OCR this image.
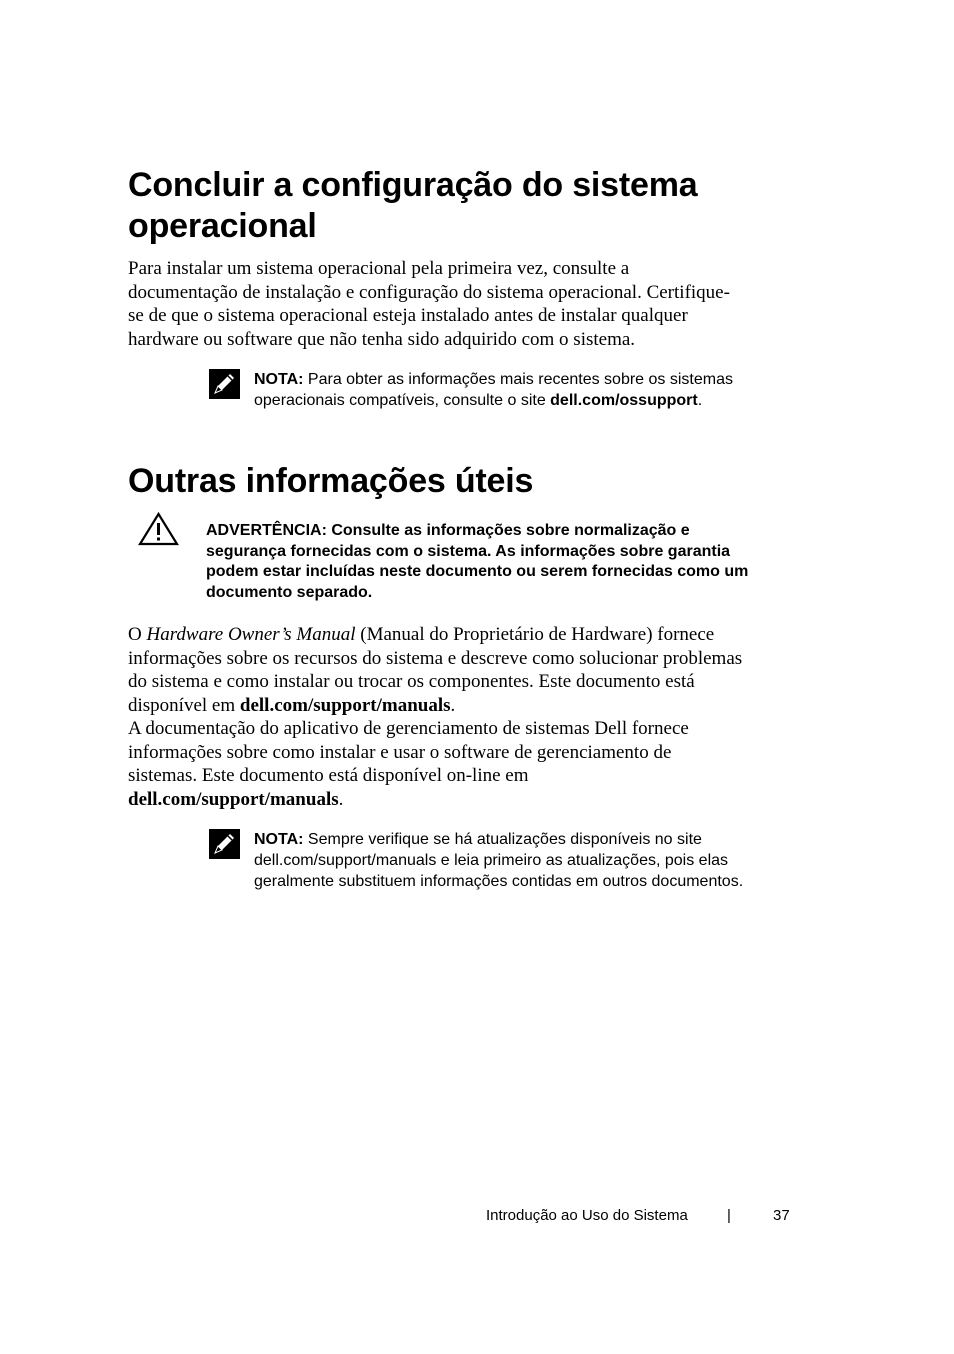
Concluir a configuração do sistema
operacional
Para instalar um sistema operacional pela primeira vez, consulte a
documentação de instalação e configuração do sistema operacional. Certifique-
se de que o sistema operacional esteja instalado antes de instalar qualquer
hardware ou software que não tenha sido adquirido com o sistema.
NOTA: Para obter as informações mais recentes sobre os sistemas
operacionais compatíveis, consulte o site dell.com/ossupport.
Outras informações úteis
ADVERTÊNCIA: Consulte as informações sobre normalização e
segurança fornecidas com o sistema. As informações sobre garantia
podem estar incluídas neste documento ou serem fornecidas como um
documento separado.
O Hardware Owner’s Manual (Manual do Proprietário de Hardware) fornece
informações sobre os recursos do sistema e descreve como solucionar problemas
do sistema e como instalar ou trocar os componentes. Este documento está
disponível em dell.com/support/manuals.
A documentação do aplicativo de gerenciamento de sistemas Dell fornece
informações sobre como instalar e usar o software de gerenciamento de
sistemas. Este documento está disponível on-line em
dell.com/support/manuals.
NOTA: Sempre verifique se há atualizações disponíveis no site
dell.com/support/manuals e leia primeiro as atualizações, pois elas
geralmente substituem informações contidas em outros documentos.
Introdução ao Uso do Sistema	|	37
